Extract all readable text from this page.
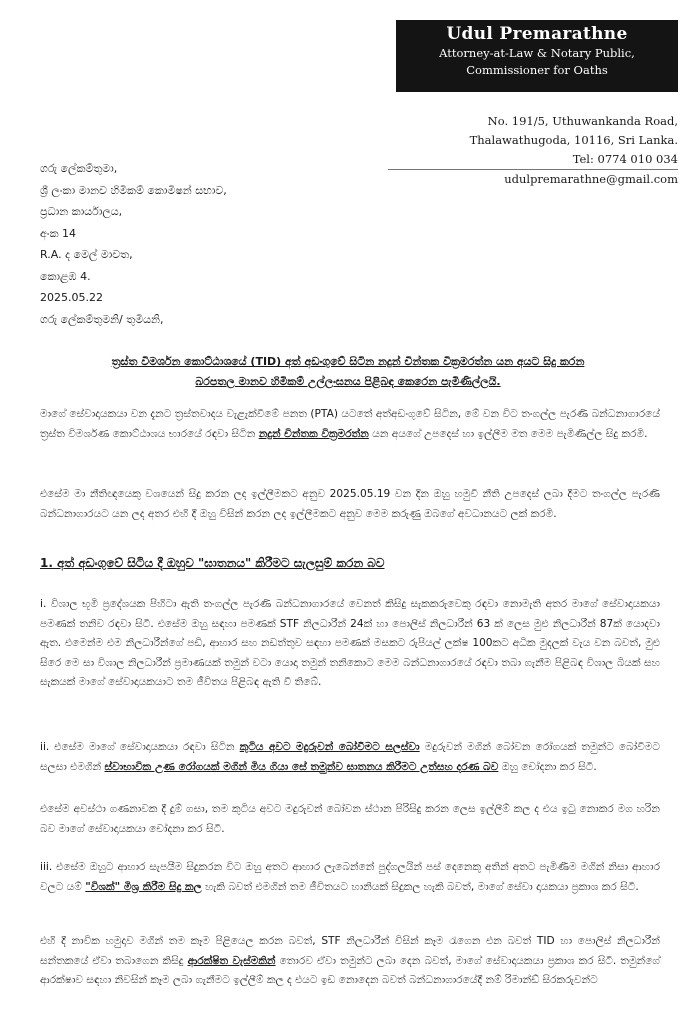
Udul Premarathne
Attorney-at-Law & Notary Public,
Commissioner for Oaths
No. 191/5, Uthuwankanda Road,
Thalawathugoda, 10116, Sri Lanka.
Tel: 0774 010 034
udulpremarathne@gmail.com
ගරු ලේකම්තුමා,
ශ්‍රී ලංකා මානව හිමිකම් කොමිෂන් සභාව,
ප්‍රධාන කාර්යාලය,
අංක 14
R.A. ද මෙල් මාවත,
කොළඹ 4.
2025.05.22
ගරු ලේකම්තුමනි/ තුමියනි,
ත්‍රස්ත විමර්ශන කොට්ඨාශයේ (TID) අත් අඩංගුවේ සිටින නදුන් චින්තක වික්‍රමරත්න යන අයට සිදු කරන
බරපතල මානව හිමිකම් උල්ලංඝනය පිළිබඳ කෙරෙන පැමිණිල්ලයි.

මාගේ සේවාදායකයා වන දැනට ත්‍රස්තවාදය වැළැක්වීමේ පනත (PTA) යටතේ අත්අඩංගුවේ සිටින, මේ වන විට තංගල්ල පැරණි බන්ධනාගාරයේ ත්‍රස්ත විමර්ශණ කොට්ඨාශය භාරයේ රඳවා සිටින නදුන් චින්තක වික්‍රමරත්න යන අයගේ උපදෙස් හා ඉල්ලීම මත මෙම පැමිණිල්ල සිදු කරමි.

එසේම මා නීතිඥයෙකු වශයෙන් සිදු කරන ලද ඉල්ලීමකට අනුව 2025.05.19 වන දින ඔහු හමුවී නීති උපදෙස් ලබා දීමට තංගල්ල පැරණි බන්ධනාගාරයට යන ලද අතර එහි දී ඔහු විසින් කරන ලද ඉල්ලීමකට අනුව මෙම කරුණු ඔබගේ අවධානයට ලක් කරමි.

1. අත් අඩංගුවේ සිටිය දී ඔහුව "ඝාතනය" කිරීමට සැලසුම් කරන බව

i. විශාල භූමි ප්‍රදේශයක පිහිටා ඇති තංගල්ල පැරණි බන්ධනාගාරයේ වෙනත් කිසිදු සැකකරුවෙකු රඳවා නොමැති අතර මාගේ සේවාදායකයා පමණක් තනිව රඳවා සිටී. එසේම ඔහු සඳහා පමණක් STF නිලධාරීන් 24ක් හා පොලිස් නිලධාරීන් 63 ක් ලෙස මුළු නිලධාරීන් 87ක් යොදවා ඇත. එමෙන්ම එම නිලධාරීන්ගේ පඩි, ආහාර සහ නඩත්තුව සඳහා පමණක් මසකට රුපියල් ලක්ෂ 100කට අධික මුදලක් වැය වන බවත්, මුළු සිරෙ මෙ සා විශාල නිලධාරීන් ප්‍රමාණයක් තමුන් වටා යොදා තමුන් තනිකොට මෙම බන්ධනාගාරයේ රඳවා තබා ගැනීම පිළිබඳ විශාල බියක් සහ සැකයක් මාගේ සේවාදායකයාට තම ජීවිතය පිළිබඳ ඇති වී තිබේ.

ii. එසේම මාගේ සේවාදායකයා රඳවා සිටින කුටිය අවට මදුරුවන් බෝවීමට සලස්වා මදුරුවන් මගින් බෝවන රෝගයක් තමුන්ට බෝවීමට සලසා එමගින් ස්වාභාවික උණ රෝගයක් මගින් මිය ගියා සේ තමුන්ව ඝාතනය කිරීමට උත්සහ දරණ බව ඔහු චෝදනා කර සිටී.

එසේම අවස්ථා ගණනාවක දී දුම් ගසා, තම කුටිය අවට මදුරුවන් බෝවන ස්ථාන පිරිසිදු කරන ලෙස ඉල්ලීම් කල ද එය ඉටු නොකර මග හරින බව මාගේ සේවාදායකයා චෝදනා කර සිටී.

iii. එසේම ඔහුට ආහාර සැපයීම සිදුකරන විට ඔහු අතට ආහාර ලැබෙන්නේ පුද්ගලයින් පස් දෙනෙකු අතින් අතට පැමිණීම මගින් නිසා ආහාර වලට යම් "විශක්" මිශ්‍ර කිරීම සිදු කල හැකි බවත් එමගින් තම ජීවිතයට හානියක් සිදුකල හැකි බවත්, මාගේ සේවා දායකයා ප්‍රකාශ කර සිටී.

එහි දී නාවික හමුදාව මගින් තම කෑම පිළියෙල කරන බවත්, STF නිලධාරීන් විසින් කෑම රැගෙන එන බවත් TID හා පොලිස් නිලධාරීන් සන්තකයේ ඒවා තබාගෙන කිසිදු ආරක්ෂිත වැස්මකින් තොරව ඒවා තමුන්ට ලබා දෙන බවත්, මාගේ සේවාදායකයා ප්‍රකාශ කර සිටී. තමුන්ගේ ආරක්ෂාව සඳහා නිවසින් කෑම ලබා ගැනීමට ඉල්ලීම් කල ද එයට ඉඩ නොදෙන බවත් බන්ධනාගාරයේදී නම් රිමාන්ඩ් සිරකරුවන්ට
